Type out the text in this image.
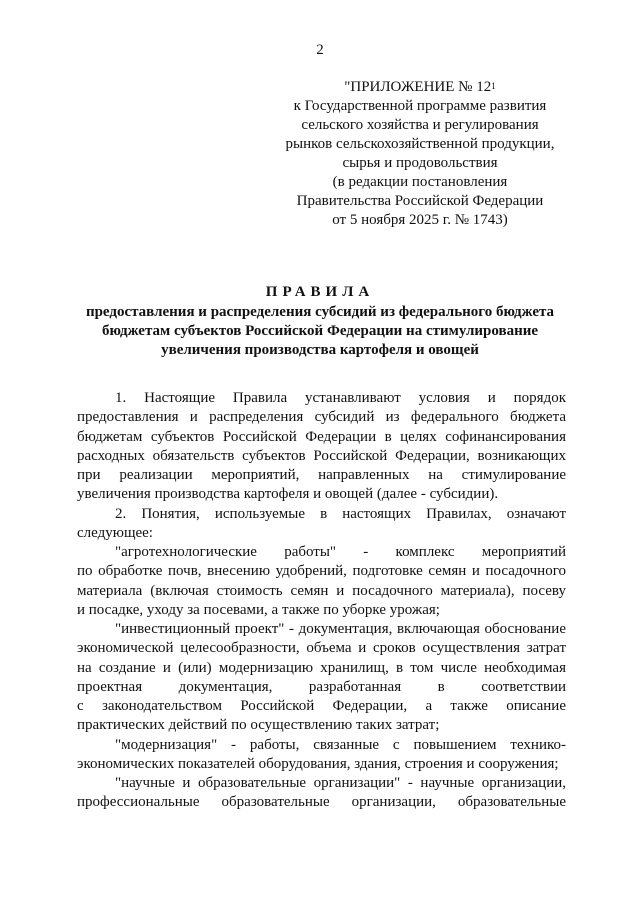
2
"ПРИЛОЖЕНИЕ № $12^1$
к Государственной программе развития
сельского хозяйства и регулирования
рынков сельскохозяйственной продукции,
сырья и продовольствия
(в редакции постановления
Правительства Российской Федерации
от 5 ноября 2025 г. № 1743)
ПРАВИЛА
предоставления и распределения субсидий из федерального бюджета
бюджетам субъектов Российской Федерации на стимулирование
увеличения производства картофеля и овощей
1. Настоящие Правила устанавливают условия и порядок
предоставления и распределения субсидий из федерального бюджета
бюджетам субъектов Российской Федерации в целях софинансирования
расходных обязательств субъектов Российской Федерации, возникающих
при реализации мероприятий, направленных на стимулирование
увеличения производства картофеля и овощей (далее - субсидии).
2. Понятия, используемые в настоящих Правилах, означают
следующее:
"агротехнологические работы" - комплекс мероприятий
по обработке почв, внесению удобрений, подготовке семян и посадочного
материала (включая стоимость семян и посадочного материала), посеву
и посадке, уходу за посевами, а также по уборке урожая;
"инвестиционный проект" - документация, включающая обоснование
экономической целесообразности, объема и сроков осуществления затрат
на создание и (или) модернизацию хранилищ, в том числе необходимая
проектная документация, разработанная в соответствии
с законодательством Российской Федерации, а также описание
практических действий по осуществлению таких затрат;
"модернизация" - работы, связанные с повышением технико-
экономических показателей оборудования, здания, строения и сооружения;
"научные и образовательные организации" - научные организации,
профессиональные образовательные организации, образовательные
